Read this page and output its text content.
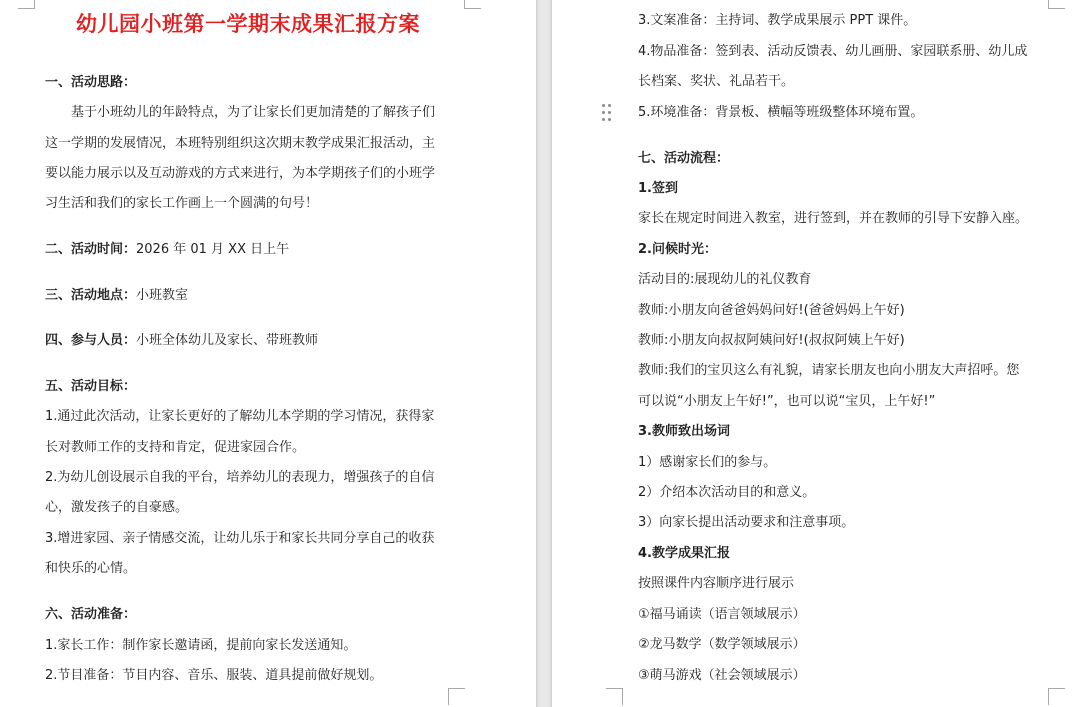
幼儿园小班第一学期末成果汇报方案
一、活动思路：
基于小班幼儿的年龄特点，为了让家长们更加清楚的了解孩子们
这一学期的发展情况，本班特别组织这次期末教学成果汇报活动，主
要以能力展示以及互动游戏的方式来进行，为本学期孩子们的小班学
习生活和我们的家长工作画上一个圆满的句号！
二、活动时间：2026 年 01 月 XX 日上午
三、活动地点：小班教室
四、参与人员：小班全体幼儿及家长、带班教师
五、活动目标：
1.通过此次活动，让家长更好的了解幼儿本学期的学习情况，获得家
长对教师工作的支持和肯定，促进家园合作。
2.为幼儿创设展示自我的平台，培养幼儿的表现力，增强孩子的自信
心，激发孩子的自豪感。
3.增进家园、亲子情感交流，让幼儿乐于和家长共同分享自己的收获
和快乐的心情。
六、活动准备：
1.家长工作：制作家长邀请函，提前向家长发送通知。
2.节目准备：节目内容、音乐、服装、道具提前做好规划。
3.文案准备：主持词、教学成果展示 PPT 课件。
4.物品准备：签到表、活动反馈表、幼儿画册、家园联系册、幼儿成
长档案、奖状、礼品若干。
5.环境准备：背景板、横幅等班级整体环境布置。
七、活动流程：
1.签到
家长在规定时间进入教室，进行签到，并在教师的引导下安静入座。
2.问候时光：
活动目的:展现幼儿的礼仪教育
教师:小朋友向爸爸妈妈问好!(爸爸妈妈上午好)
教师:小朋友向叔叔阿姨问好!(叔叔阿姨上午好)
教师:我们的宝贝这么有礼貌，请家长朋友也向小朋友大声招呼。您
可以说“小朋友上午好!”，也可以说“宝贝，上午好!”
3.教师致出场词
1）感谢家长们的参与。
2）介绍本次活动目的和意义。
3）向家长提出活动要求和注意事项。
4.教学成果汇报
按照课件内容顺序进行展示
①福马诵读（语言领域展示）
②龙马数学（数学领域展示）
③萌马游戏（社会领域展示）
